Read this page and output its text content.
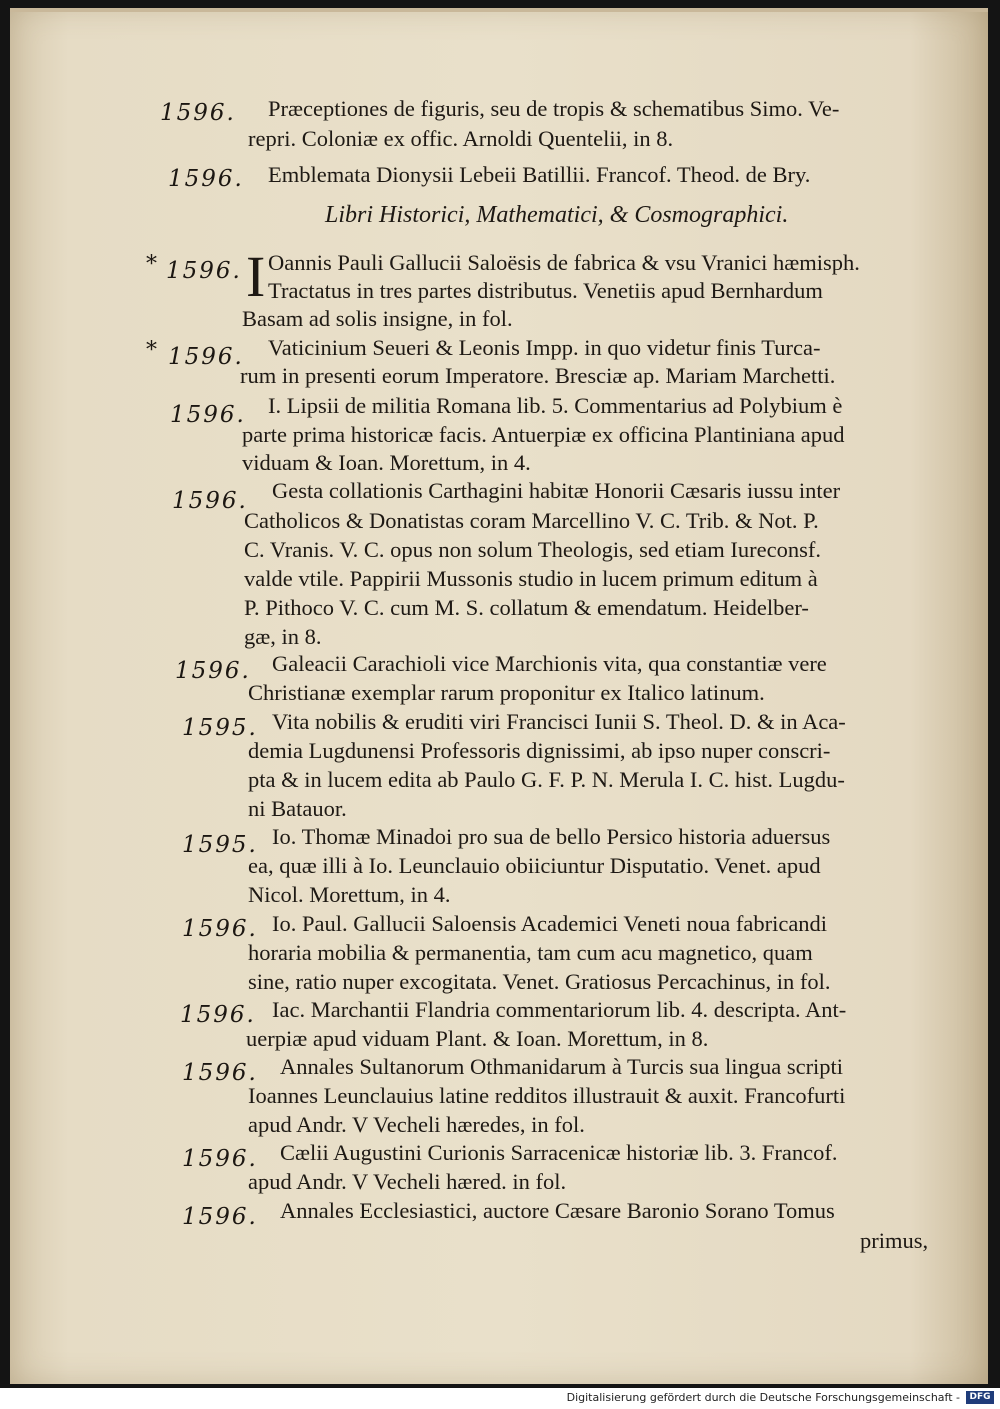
1596. Præceptiones de figuris, seu de tropis & schematibus Simo. Ve-
repri. Coloniæ ex offic. Arnoldi Quentelii, in 8.
1596. Emblemata Dionysii Lebeii Batillii. Francof. Theod. de Bry.
Libri Historici, Mathematici, & Cosmographici.
* 1596. I Oannis Pauli Gallucii Saloësis de fabrica & vsu Vranici hæmisph.
Tractatus in tres partes distributus. Venetiis apud Bernhardum
Basam ad solis insigne, in fol.
* 1596. Vaticinium Seueri & Leonis Impp. in quo videtur finis Turca-
rum in presenti eorum Imperatore. Bresciæ ap. Mariam Marchetti.
1596. I. Lipsii de militia Romana lib. 5. Commentarius ad Polybium è
parte prima historicæ facis. Antuerpiæ ex officina Plantiniana apud
viduam & Ioan. Morettum, in 4.
1596. Gesta collationis Carthagini habitæ Honorii Cæsaris iussu inter
Catholicos & Donatistas coram Marcellino V. C. Trib. & Not. P.
C. Vranis. V. C. opus non solum Theologis, sed etiam Iureconsf.
valde vtile. Pappirii Mussonis studio in lucem primum editum à
P. Pithoco V. C. cum M. S. collatum & emendatum. Heidelber-
gæ, in 8.
1596. Galeacii Carachioli vice Marchionis vita, qua constantiæ vere
Christianæ exemplar rarum proponitur ex Italico latinum.
1595. Vita nobilis & eruditi viri Francisci Iunii S. Theol. D. & in Aca-
demia Lugdunensi Professoris dignissimi, ab ipso nuper conscri-
pta & in lucem edita ab Paulo G. F. P. N. Merula I. C. hist. Lugdu-
ni Batauor.
1595. Io. Thomæ Minadoi pro sua de bello Persico historia aduersus
ea, quæ illi à Io. Leunclauio obiiciuntur Disputatio. Venet. apud
Nicol. Morettum, in 4.
1596. Io. Paul. Gallucii Saloensis Academici Veneti noua fabricandi
horaria mobilia & permanentia, tam cum acu magnetico, quam
sine, ratio nuper excogitata. Venet. Gratiosus Percachinus, in fol.
1596. Iac. Marchantii Flandria commentariorum lib. 4. descripta. Ant-
uerpiæ apud viduam Plant. & Ioan. Morettum, in 8.
1596. Annales Sultanorum Othmanidarum à Turcis sua lingua scripti
Ioannes Leunclauius latine redditos illustrauit & auxit. Francofurti
apud Andr. V Vecheli hæredes, in fol.
1596. Cælii Augustini Curionis Sarracenicæ historiæ lib. 3. Francof.
apud Andr. V Vecheli hæred. in fol.
1596. Annales Ecclesiastici, auctore Cæsare Baronio Sorano Tomus
primus,
Digitalisierung gefördert durch die Deutsche Forschungsgemeinschaft -	DFG
